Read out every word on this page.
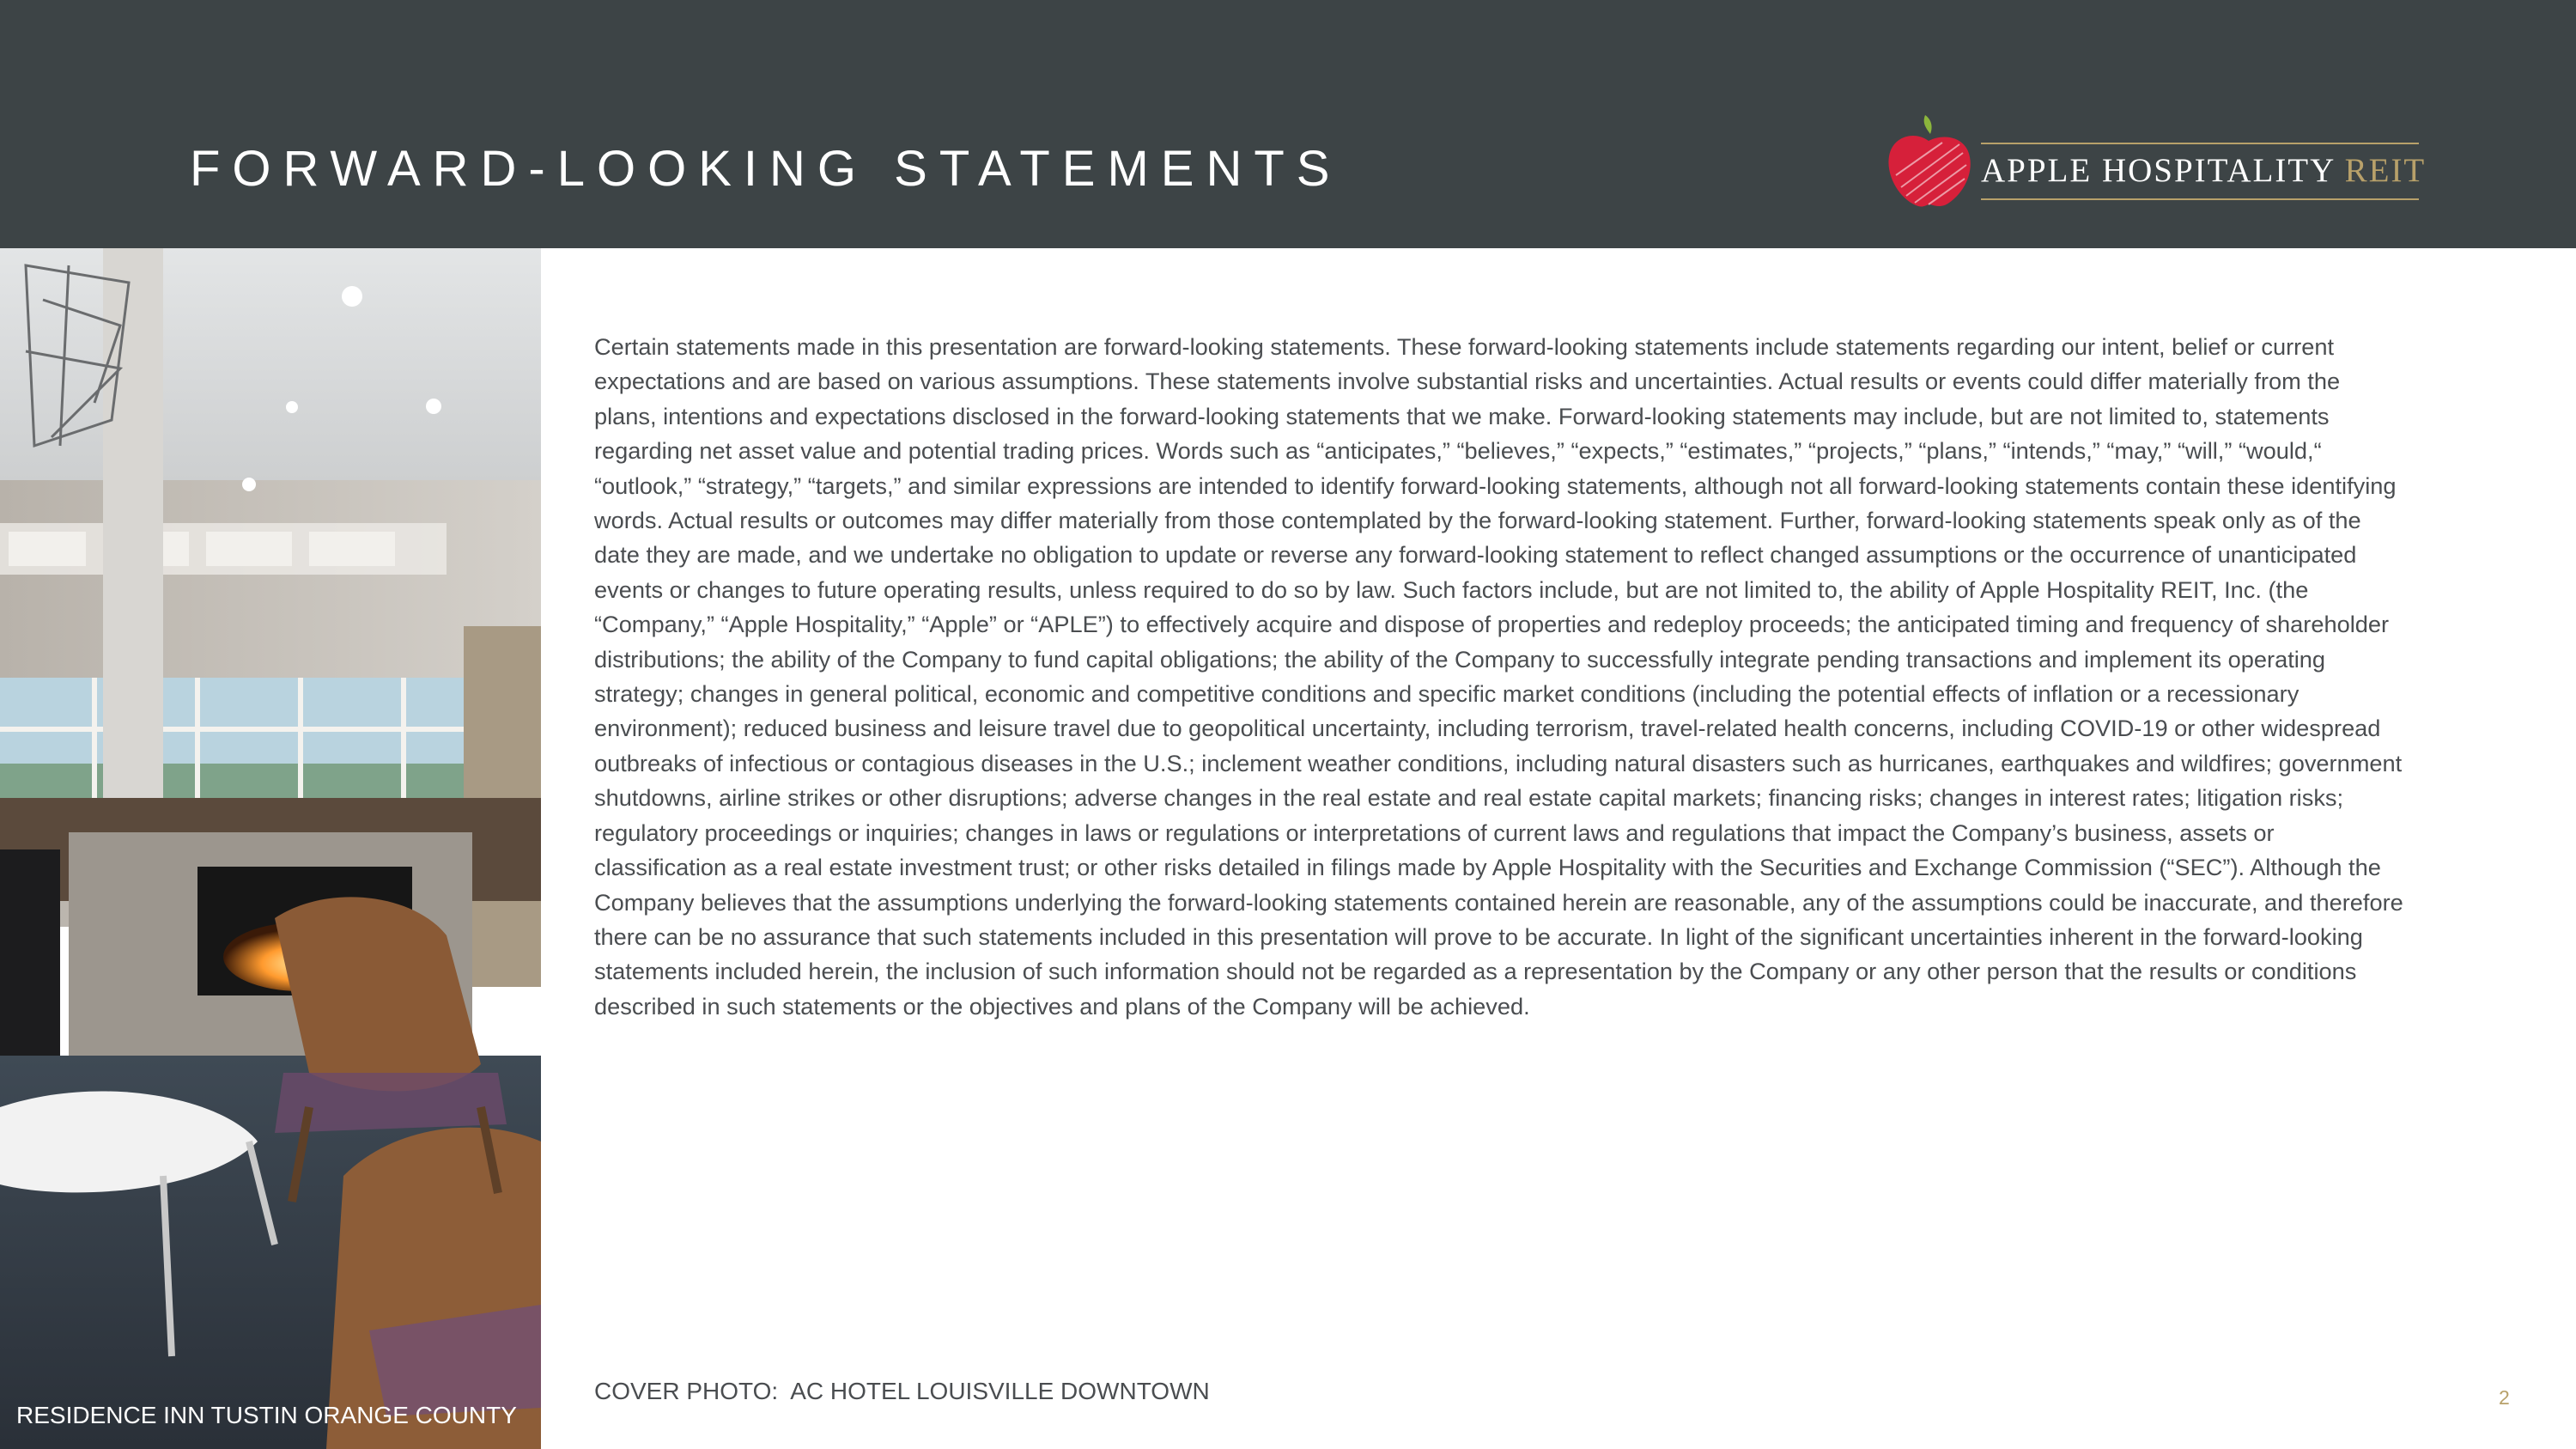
FORWARD-LOOKING STATEMENTS	APPLE HOSPITALITY REIT
RESIDENCE INN TUSTIN ORANGE COUNTY
Certain statements made in this presentation are forward-looking statements. These forward-looking statements include statements regarding our intent, belief or current expectations and are based on various assumptions. These statements involve substantial risks and uncertainties. Actual results or events could differ materially from the plans, intentions and expectations disclosed in the forward-looking statements that we make. Forward-looking statements may include, but are not limited to, statements regarding net asset value and potential trading prices. Words such as “anticipates,” “believes,” “expects,” “estimates,” “projects,” “plans,” “intends,” “may,” “will,” “would,“ “outlook,” “strategy,” “targets,” and similar expressions are intended to identify forward-looking statements, although not all forward-looking statements contain these identifying words. Actual results or outcomes may differ materially from those contemplated by the forward-looking statement. Further, forward-looking statements speak only as of the date they are made, and we undertake no obligation to update or reverse any forward-looking statement to reflect changed assumptions or the occurrence of unanticipated events or changes to future operating results, unless required to do so by law. Such factors include, but are not limited to, the ability of Apple Hospitality REIT, Inc. (the “Company,” “Apple Hospitality,” “Apple” or “APLE”) to effectively acquire and dispose of properties and redeploy proceeds; the anticipated timing and frequency of shareholder distributions; the ability of the Company to fund capital obligations; the ability of the Company to successfully integrate pending transactions and implement its operating strategy; changes in general political, economic and competitive conditions and specific market conditions (including the potential effects of inflation or a recessionary environment); reduced business and leisure travel due to geopolitical uncertainty, including terrorism, travel-related health concerns, including COVID-19 or other widespread outbreaks of infectious or contagious diseases in the U.S.; inclement weather conditions, including natural disasters such as hurricanes, earthquakes and wildfires; government shutdowns, airline strikes or other disruptions; adverse changes in the real estate and real estate capital markets; financing risks; changes in interest rates; litigation risks; regulatory proceedings or inquiries; changes in laws or regulations or interpretations of current laws and regulations that impact the Company’s business, assets or classification as a real estate investment trust; or other risks detailed in filings made by Apple Hospitality with the Securities and Exchange Commission (“SEC”). Although the Company believes that the assumptions underlying the forward-looking statements contained herein are reasonable, any of the assumptions could be inaccurate, and therefore there can be no assurance that such statements included in this presentation will prove to be accurate. In light of the significant uncertainties inherent in the forward-looking statements included herein, the inclusion of such information should not be regarded as a representation by the Company or any other person that the results or conditions described in such statements or the objectives and plans of the Company will be achieved.
COVER PHOTO:  AC HOTEL LOUISVILLE DOWNTOWN	2
